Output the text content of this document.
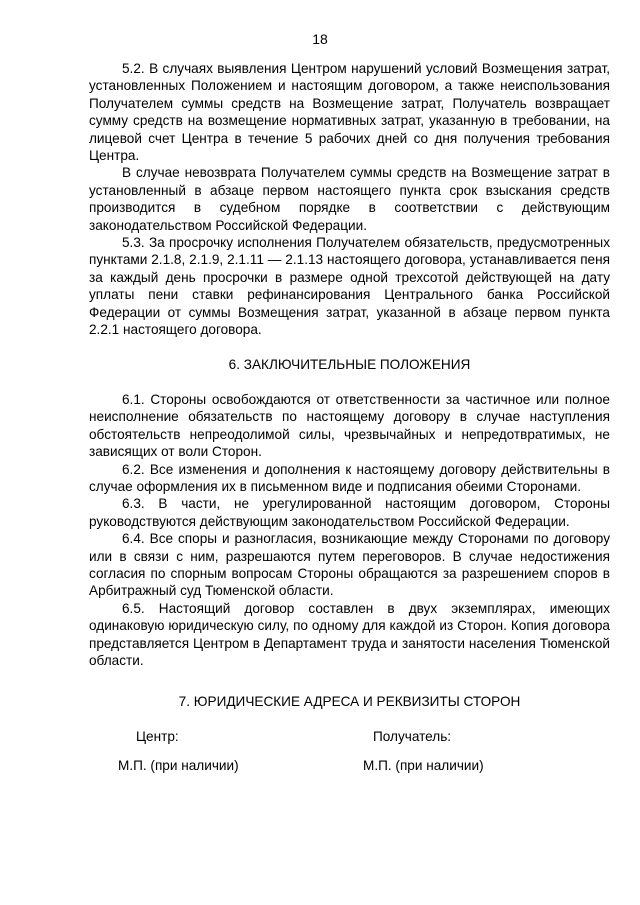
18

5.2. В случаях выявления Центром нарушений условий Возмещения затрат, установленных Положением и настоящим договором, а также неиспользования Получателем суммы средств на Возмещение затрат, Получатель возвращает сумму средств на возмещение нормативных затрат, указанную в требовании, на лицевой счет Центра в течение 5 рабочих дней со дня получения требования Центра.

В случае невозврата Получателем суммы средств на Возмещение затрат в установленный в абзаце первом настоящего пункта срок взыскания средств производится в судебном порядке в соответствии с действующим законодательством Российской Федерации.

5.3. За просрочку исполнения Получателем обязательств, предусмотренных пунктами 2.1.8, 2.1.9, 2.1.11 — 2.1.13 настоящего договора, устанавливается пеня за каждый день просрочки в размере одной трехсотой действующей на дату уплаты пени ставки рефинансирования Центрального банка Российской Федерации от суммы Возмещения затрат, указанной в абзаце первом пункта 2.2.1 настоящего договора.

6. ЗАКЛЮЧИТЕЛЬНЫЕ ПОЛОЖЕНИЯ

6.1. Стороны освобождаются от ответственности за частичное или полное неисполнение обязательств по настоящему договору в случае наступления обстоятельств непреодолимой силы, чрезвычайных и непредотвратимых, не зависящих от воли Сторон.

6.2. Все изменения и дополнения к настоящему договору действительны в случае оформления их в письменном виде и подписания обеими Сторонами.

6.3. В части, не урегулированной настоящим договором, Стороны руководствуются действующим законодательством Российской Федерации.

6.4. Все споры и разногласия, возникающие между Сторонами по договору или в связи с ним, разрешаются путем переговоров. В случае недостижения согласия по спорным вопросам Стороны обращаются за разрешением споров в Арбитражный суд Тюменской области.

6.5. Настоящий договор составлен в двух экземплярах, имеющих одинаковую юридическую силу, по одному для каждой из Сторон. Копия договора представляется Центром в Департамент труда и занятости населения Тюменской области.

7. ЮРИДИЧЕСКИЕ АДРЕСА И РЕКВИЗИТЫ СТОРОН

Центр:	Получатель:
М.П. (при наличии)	М.П. (при наличии)
